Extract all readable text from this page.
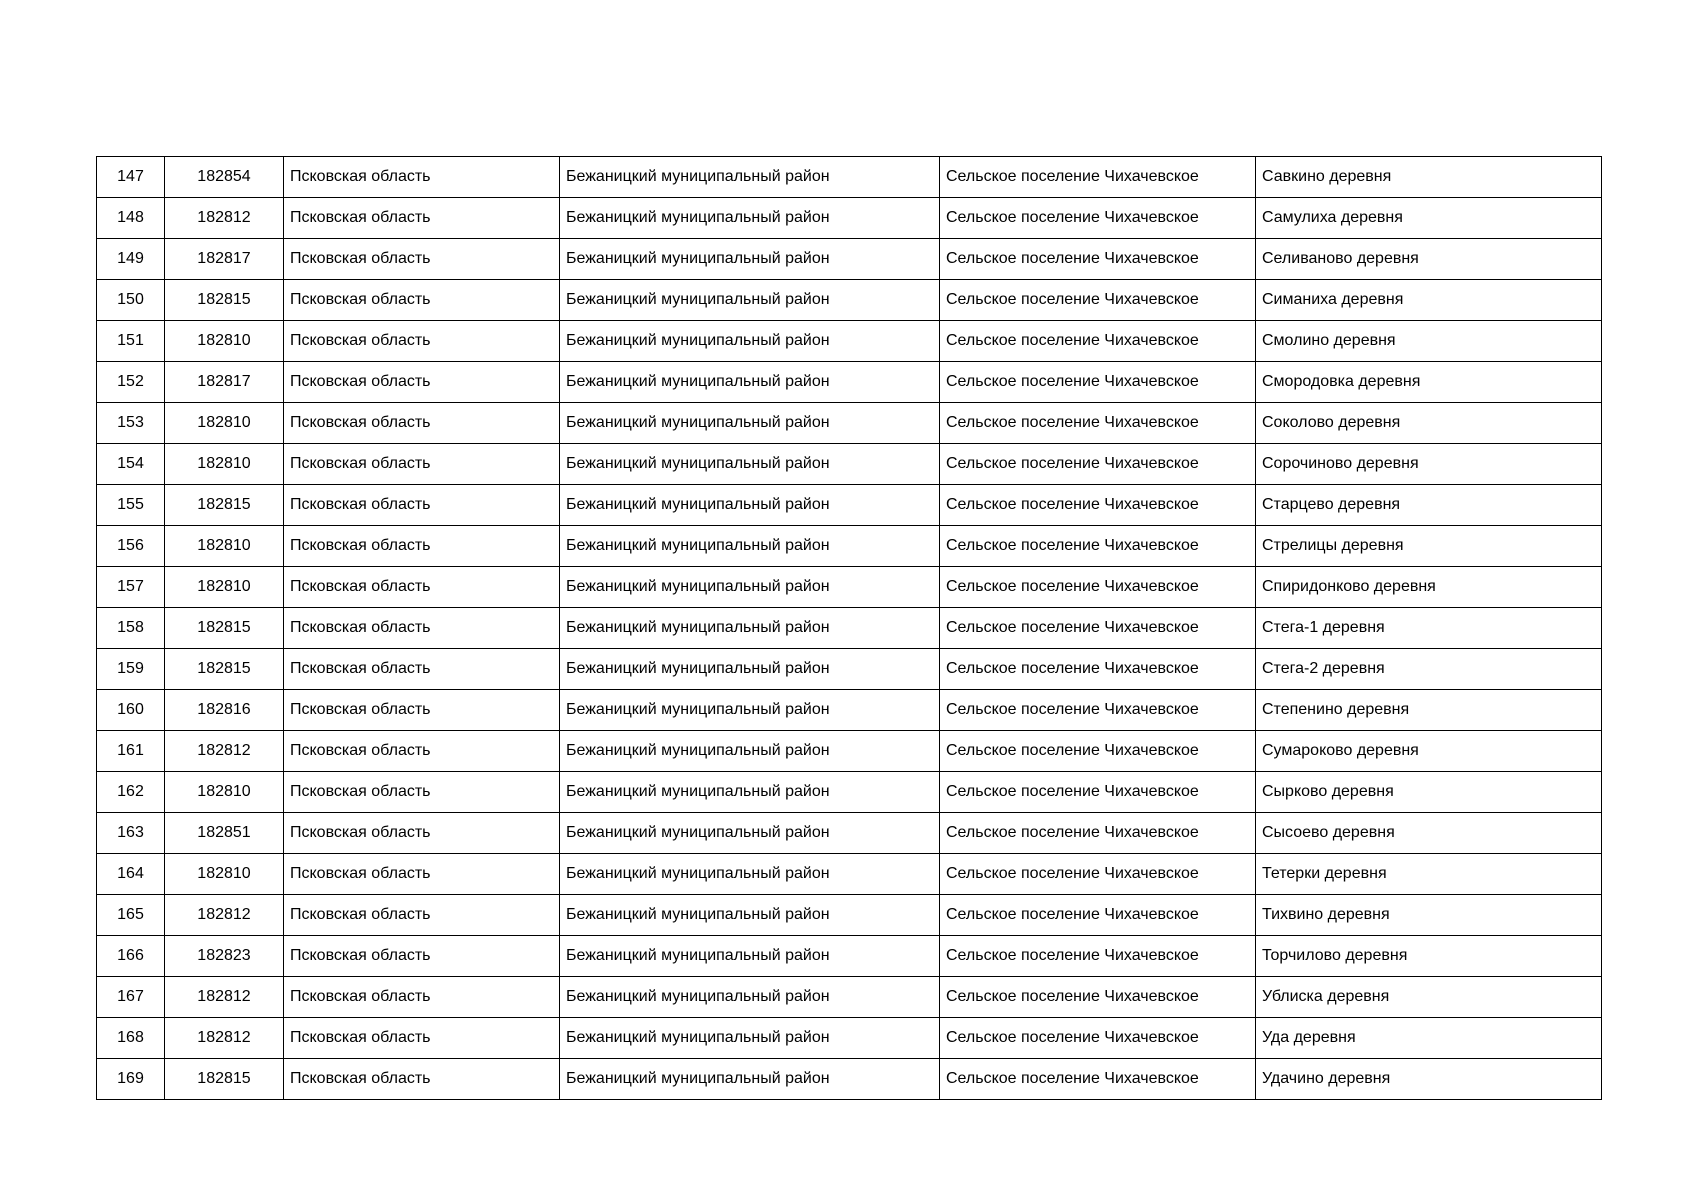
147	182854	Псковская область	Бежаницкий муниципальный район	Сельское поселение Чихачевское	Савкино деревня
148	182812	Псковская область	Бежаницкий муниципальный район	Сельское поселение Чихачевское	Самулиха деревня
149	182817	Псковская область	Бежаницкий муниципальный район	Сельское поселение Чихачевское	Селиваново деревня
150	182815	Псковская область	Бежаницкий муниципальный район	Сельское поселение Чихачевское	Симаниха деревня
151	182810	Псковская область	Бежаницкий муниципальный район	Сельское поселение Чихачевское	Смолино деревня
152	182817	Псковская область	Бежаницкий муниципальный район	Сельское поселение Чихачевское	Смородовка деревня
153	182810	Псковская область	Бежаницкий муниципальный район	Сельское поселение Чихачевское	Соколово деревня
154	182810	Псковская область	Бежаницкий муниципальный район	Сельское поселение Чихачевское	Сорочиново деревня
155	182815	Псковская область	Бежаницкий муниципальный район	Сельское поселение Чихачевское	Старцево деревня
156	182810	Псковская область	Бежаницкий муниципальный район	Сельское поселение Чихачевское	Стрелицы деревня
157	182810	Псковская область	Бежаницкий муниципальный район	Сельское поселение Чихачевское	Спиридонково деревня
158	182815	Псковская область	Бежаницкий муниципальный район	Сельское поселение Чихачевское	Стега-1 деревня
159	182815	Псковская область	Бежаницкий муниципальный район	Сельское поселение Чихачевское	Стега-2 деревня
160	182816	Псковская область	Бежаницкий муниципальный район	Сельское поселение Чихачевское	Степенино деревня
161	182812	Псковская область	Бежаницкий муниципальный район	Сельское поселение Чихачевское	Сумароково деревня
162	182810	Псковская область	Бежаницкий муниципальный район	Сельское поселение Чихачевское	Сырково деревня
163	182851	Псковская область	Бежаницкий муниципальный район	Сельское поселение Чихачевское	Сысоево деревня
164	182810	Псковская область	Бежаницкий муниципальный район	Сельское поселение Чихачевское	Тетерки деревня
165	182812	Псковская область	Бежаницкий муниципальный район	Сельское поселение Чихачевское	Тихвино деревня
166	182823	Псковская область	Бежаницкий муниципальный район	Сельское поселение Чихачевское	Торчилово деревня
167	182812	Псковская область	Бежаницкий муниципальный район	Сельское поселение Чихачевское	Ублиска деревня
168	182812	Псковская область	Бежаницкий муниципальный район	Сельское поселение Чихачевское	Уда деревня
169	182815	Псковская область	Бежаницкий муниципальный район	Сельское поселение Чихачевское	Удачино деревня
